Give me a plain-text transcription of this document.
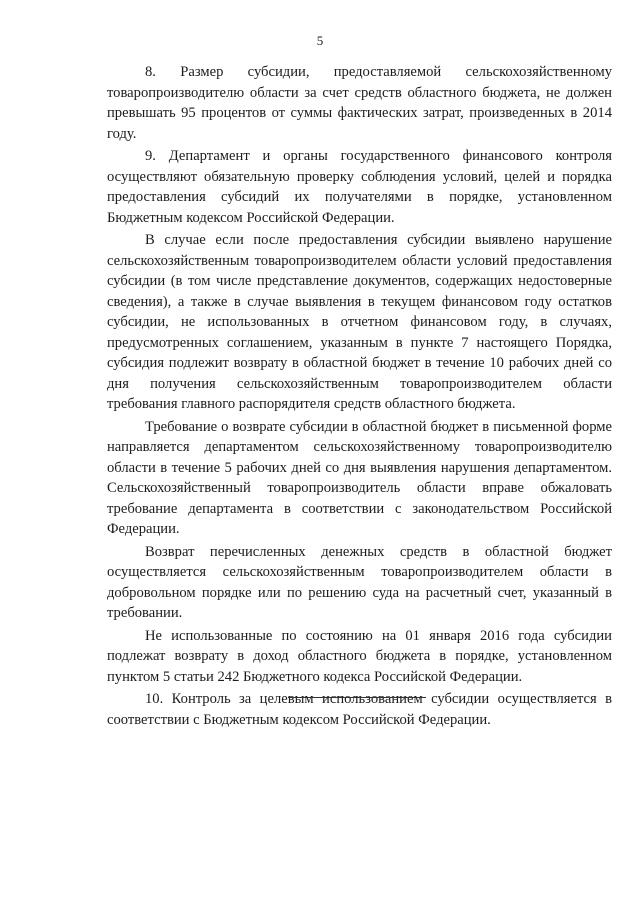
5

8. Размер субсидии, предоставляемой сельскохозяйственному товаропроизводителю области за счет средств областного бюджета, не должен превышать 95 процентов от суммы фактических затрат, произведенных в 2014 году.

9. Департамент и органы государственного финансового контроля осуществляют обязательную проверку соблюдения условий, целей и порядка предоставления субсидий их получателями в порядке, установленном Бюджетным кодексом Российской Федерации.

В случае если после предоставления субсидии выявлено нарушение сельскохозяйственным товаропроизводителем области условий предоставления субсидии (в том числе представление документов, содержащих недостоверные сведения), а также в случае выявления в текущем финансовом году остатков субсидии, не использованных в отчетном финансовом году, в случаях, предусмотренных соглашением, указанным в пункте 7 настоящего Порядка, субсидия подлежит возврату в областной бюджет в течение 10 рабочих дней со дня получения сельскохозяйственным товаропроизводителем области требования главного распорядителя средств областного бюджета.

Требование о возврате субсидии в областной бюджет в письменной форме направляется департаментом сельскохозяйственному товаропроизводителю области в течение 5 рабочих дней со дня выявления нарушения департаментом. Сельскохозяйственный товаропроизводитель области вправе обжаловать требование департамента в соответствии с законодательством Российской Федерации.

Возврат перечисленных денежных средств в областной бюджет осуществляется сельскохозяйственным товаропроизводителем области в добровольном порядке или по решению суда на расчетный счет, указанный в требовании.

Не использованные по состоянию на 01 января 2016 года субсидии подлежат возврату в доход областного бюджета в порядке, установленном пунктом 5 статьи 242 Бюджетного кодекса Российской Федерации.

10. Контроль за целевым использованием субсидии осуществляется в соответствии с Бюджетным кодексом Российской Федерации.
